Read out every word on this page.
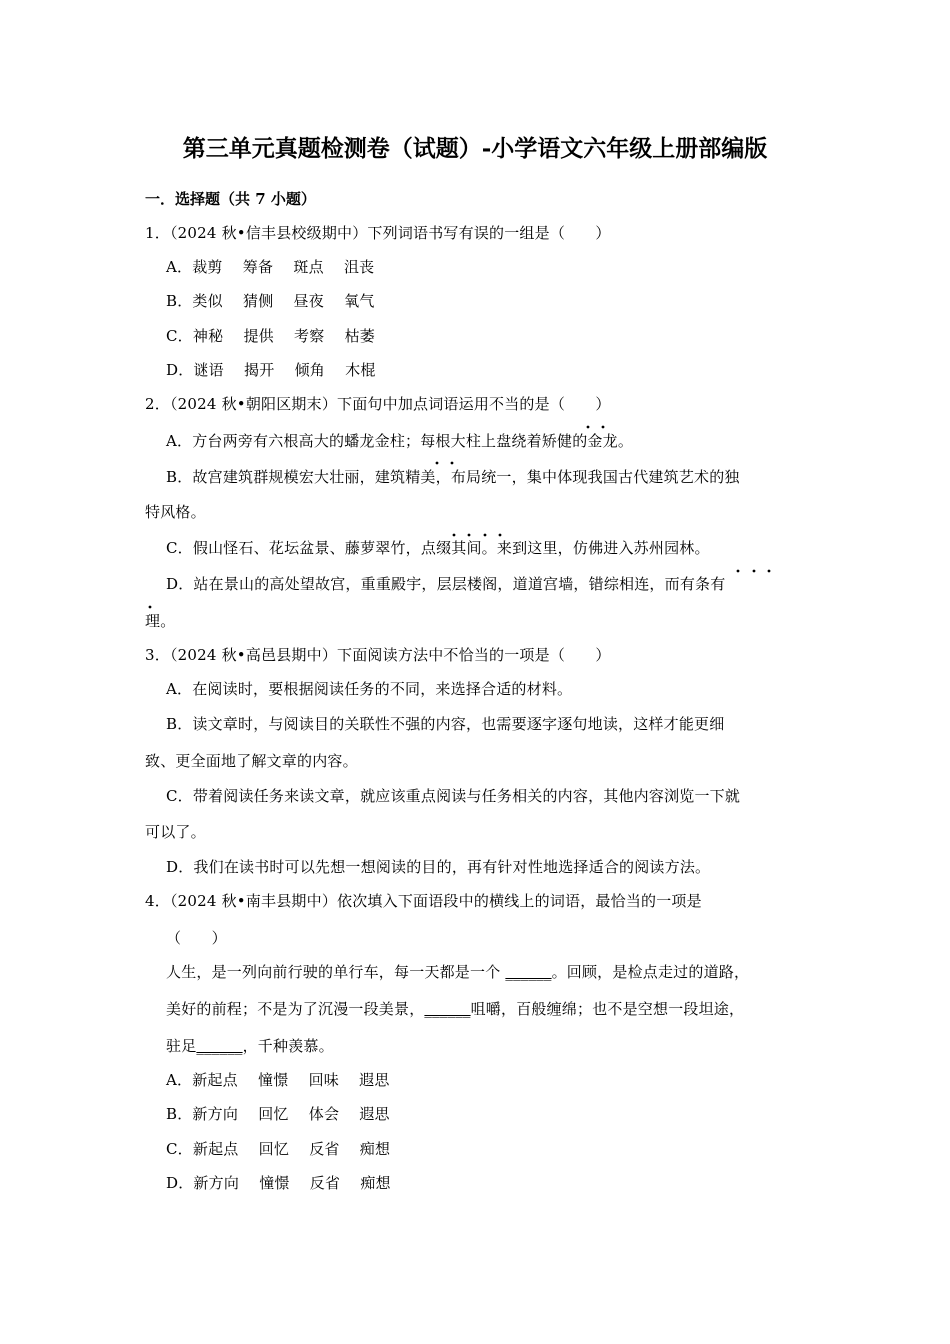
第三单元真题检测卷（试题）-小学语文六年级上册部编版
一．选择题（共 7 小题）
1．（2024 秋•信丰县校级期中）下列词语书写有误的一组是（　　）
A．裁剪　 筹备　 斑点　 沮丧
B．类似　 猜侧　 昼夜　 氧气
C．神秘　 提供　 考察　 枯萎
D．谜语　 揭开　 倾角　 木棍
2．（2024 秋•朝阳区期末）下面句中加点词语运用不当的是（　　）
A．方台两旁有六根高大的蟠龙金柱；每根大柱上盘绕着矫健的金龙。
B．故宫建筑群规模宏大壮丽，建筑精美，布局统一，集中体现我国古代建筑艺术的独
特风格。
C．假山怪石、花坛盆景、藤萝翠竹，点缀其间。来到这里，仿佛进入苏州园林。
D．站在景山的高处望故宫，重重殿宇，层层楼阁，道道宫墙，错综相连，而有条有
理。
3．（2024 秋•高邑县期中）下面阅读方法中不恰当的一项是（　　）
A．在阅读时，要根据阅读任务的不同，来选择合适的材料。
B．读文章时，与阅读目的关联性不强的内容，也需要逐字逐句地读，这样才能更细
致、更全面地了解文章的内容。
C．带着阅读任务来读文章，就应该重点阅读与任务相关的内容，其他内容浏览一下就
可以了。
D．我们在读书时可以先想一想阅读的目的，再有针对性地选择适合的阅读方法。
4．（2024 秋•南丰县期中）依次填入下面语段中的横线上的词语，最恰当的一项是
（　　）
人生，是一列向前行驶的单行车，每一天都是一个 ______。回顾，是检点走过的道路，
美好的前程；不是为了沉漫一段美景，______咀嚼，百般缠绵；也不是空想一段坦途，
驻足______，千种羡慕。
A．新起点　 憧憬　 回味　 遐思
B．新方向　 回忆　 体会　 遐思
C．新起点　 回忆　 反省　 痴想
D．新方向　 憧憬　 反省　 痴想
